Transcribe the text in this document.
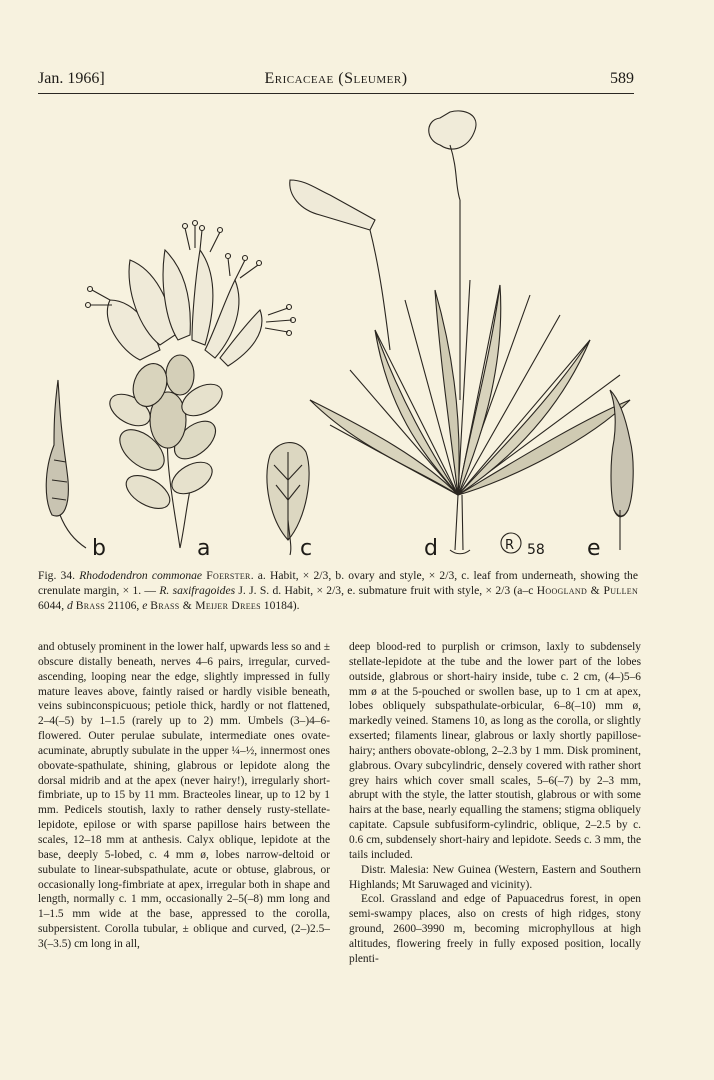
Jan. 1966]	Ericaceae (Sleumer)	589
b	a	c	d	e
R 58
Fig. 34. Rhododendron commonae Foerster. a. Habit, × 2/3, b. ovary and style, × 2/3, c. leaf from underneath, showing the crenulate margin, × 1. — R. saxifragoides J. J. S. d. Habit, × 2/3, e. submature fruit with style, × 2/3 (a–c Hoogland & Pullen 6044, d Brass 21106, e Brass & Meijer Drees 10184).

and obtusely prominent in the lower half, upwards less so and ± obscure distally beneath, nerves 4–6 pairs, irregular, curved-ascending, looping near the edge, slightly impressed in fully mature leaves above, faintly raised or hardly visible beneath, veins subinconspicuous; petiole thick, hardly or not flattened, 2–4(–5) by 1–1.5 (rarely up to 2) mm. Umbels (3–)4–6-flowered. Outer perulae subulate, intermediate ones ovate-acuminate, abruptly subulate in the upper ¼–½, innermost ones obovate-spathulate, shining, glabrous or lepidote along the dorsal midrib and at the apex (never hairy!), irregularly short-fimbriate, up to 15 by 11 mm. Bracteoles linear, up to 12 by 1 mm. Pedicels stoutish, laxly to rather densely rusty-stellate-lepidote, epilose or with sparse papillose hairs between the scales, 12–18 mm at anthesis. Calyx oblique, lepidote at the base, deeply 5-lobed, c. 4 mm ø, lobes narrow-deltoid or subulate to linear-subspathulate, acute or obtuse, glabrous, or occasionally long-fimbriate at apex, irregular both in shape and length, normally c. 1 mm, occasionally 2–5(–8) mm long and 1–1.5 mm wide at the base, appressed to the corolla, subpersistent. Corolla tubular, ± oblique and curved, (2–)2.5–3(–3.5) cm long in all,

deep blood-red to purplish or crimson, laxly to subdensely stellate-lepidote at the tube and the lower part of the lobes outside, glabrous or short-hairy inside, tube c. 2 cm, (4–)5–6 mm ø at the 5-pouched or swollen base, up to 1 cm at apex, lobes obliquely subspathulate-orbicular, 6–8(–10) mm ø, markedly veined. Stamens 10, as long as the corolla, or slightly exserted; filaments linear, glabrous or laxly shortly papillose-hairy; anthers obovate-oblong, 2–2.3 by 1 mm. Disk prominent, glabrous. Ovary subcylindric, densely covered with rather short grey hairs which cover small scales, 5–6(–7) by 2–3 mm, abrupt with the style, the latter stoutish, glabrous or with some hairs at the base, nearly equalling the stamens; stigma obliquely capitate. Capsule subfusiform-cylindric, oblique, 2–2.5 by c. 0.6 cm, subdensely short-hairy and lepidote. Seeds c. 3 mm, the tails included.

Distr. Malesia: New Guinea (Western, Eastern and Southern Highlands; Mt Saruwaged and vicinity).

Ecol. Grassland and edge of Papuacedrus forest, in open semi-swampy places, also on crests of high ridges, stony ground, 2600–3990 m, becoming microphyllous at high altitudes, flowering freely in fully exposed position, locally plenti-
